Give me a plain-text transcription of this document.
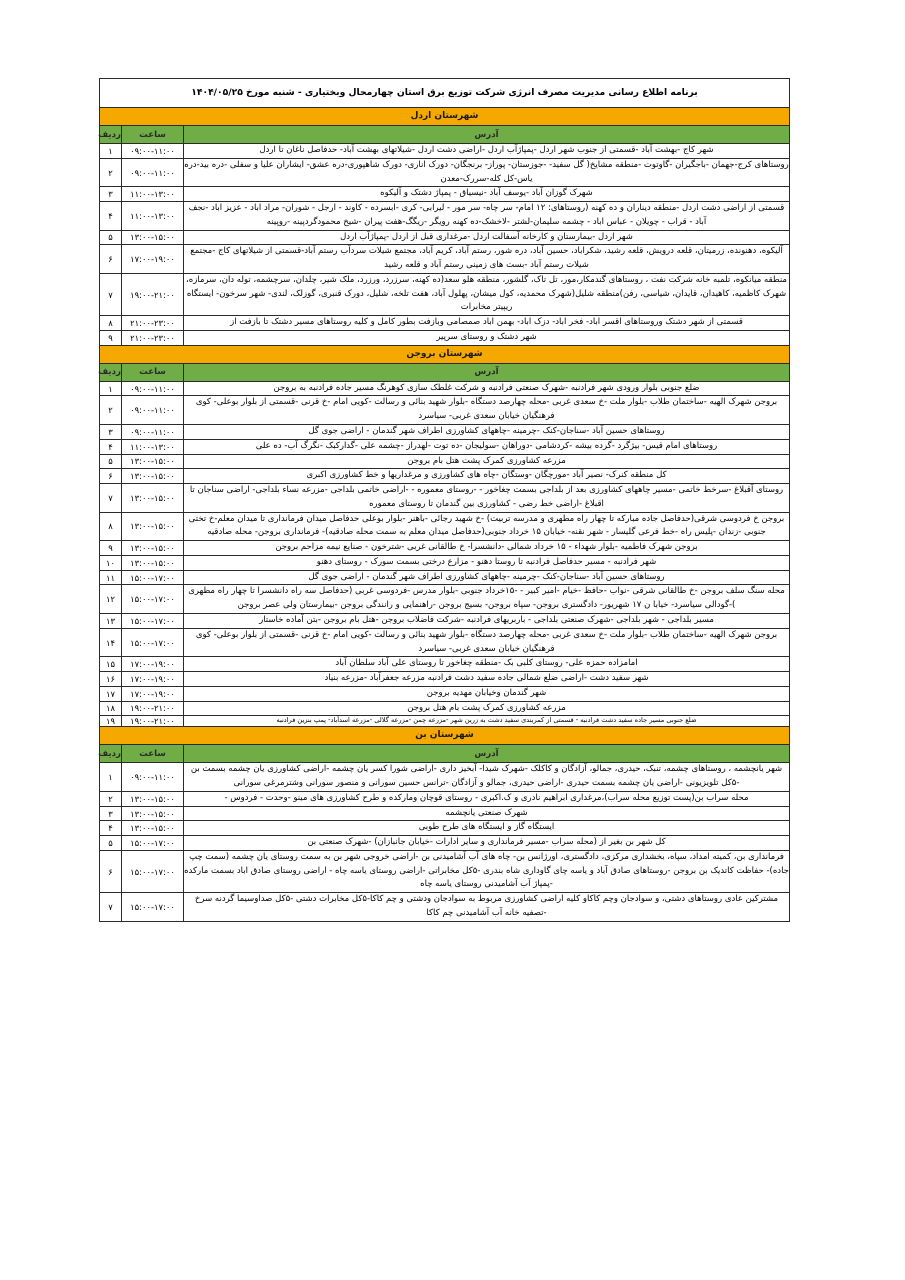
برنامه اطلاع رسانی مدیریت مصرف انرژی شرکت توزیع برق استان چهارمحال وبختیاری - شنبه مورخ ۱۴۰۴/۰۵/۲۵		
شهرستان اردل		
آدرس	ساعت	ردیف
شهر کاج -بهشت آباد -قسمتی از جنوب شهر اردل -پمپاژآب اردل -اراضی دشت اردل -شیلاتهای بهشت آباد- حدفاصل ناغان تا اردل	۰۹:۰۰-۱۱:۰۰	۱
روستاهای کرج-جهمان -باجگیران -گاوتوت -منطقه مشایخ( گل سفید- -جوزستان- پوراز- برنجگان- دورک اناری- دورک شاهپوری-دره عشق- ایشاران علیا و سفلی -دره بید-دره یاس-کل کله-سررک-معدن	۰۹:۰۰-۱۱:۰۰	۲
شهرک گوزان آباد -یوسف آباد -نیسیاق - پمپاژ دشتک و آلیکوه	۱۱:۰۰-۱۳:۰۰	۳
قسمتی از اراضی دشت اردل -منطقه دیناران و ده کهنه (روستاهای: ۱۲ امام- سر چاه- سر مور - لیرابی- کری -ابسرده - کاوند - ارجل - شوران- مراد اباد - عزیز اباد -نجف آباد - قراب - چویلان - عباس اباد - چشمه سلیمان-لشتر -لاخشک-ده کهنه رویگر -ریگگ-هفت پیران -شیخ محمودگردپینه -روپینه	۱۱:۰۰-۱۳:۰۰	۴
شهر اردل -بیمارستان و کارخانه آسفالت اردل -مرغداری قبل از اردل -پمپاژآب اردل	۱۳:۰۰-۱۵:۰۰	۵
آلیکوه، دهنونده، زرمیتان، قلعه درویش، قلعه رشید، شکراباد، حسین آباد، دره شور، رستم آباد، کریم آباد، مجتمع شیلات سردآب رستم آباد-قسمتی از شیلاتهای کاج -مجتمع شیلات رستم آباد -بست های زمینی رستم آباد و قلعه رشید	۱۷:۰۰-۱۹:۰۰	۶
منطقه میانکوه، تلمبه خانه شرکت نفت ، روستاهای گندمکار،مور، تل تاک، گلشور، منطقه هلو سعد(ده کهنه، سرزرد، ورزرد، ملک شیر، چلدان، سرچشمه، توله دان، سرمازه، شهرک کاظمیه، کاهیدان، قایدان، شیاسی، رفن)منطقه شلیل(شهرک محمدیه، کول میشان، پهلول آباد، هفت تلخه، شلیل، دورک قنبری، گوزلک، لندی- شهر سرخون- ایستگاه ریپیتر مخابرات	۱۹:۰۰-۲۱:۰۰	۷
قسمتی از شهر دشتک وروستاهای اقسر اباد- فخر اباد- دزک اباد- بهمن اباد صمصامی وبازفت بطور کامل و کلیه روستاهای مسیر دشتک تا بازفت از	۲۱:۰۰-۲۳:۰۰	۸
شهر دشتک و روستای سرپیر	۲۱:۰۰-۲۳:۰۰	۹
شهرستان بروجن		
آدرس	ساعت	ردیف
ضلع جنوبی بلوار ورودی شهر فرادنبه -شهرک صنعتی فرادنبه و شرکت غلطک سازی کوهرنگ مسیر جاده فرادنبه به بروجن	۰۹:۰۰-۱۱:۰۰	۱
بروجن شهرک الهیه -ساختمان طلاب -بلوار ملت -خ سعدی غربی -محله چهارصد دستگاه -بلوار شهید بنائی و رسالت -کویی امام -خ قرنی -قسمتی از بلوار بوعلی- کوی فرهنگیان خیابان سعدی غربی- سیاسرد	۰۹:۰۰-۱۱:۰۰	۲
روستاهای حسین آباد -سناجان-کنک -چرمینه -چاههای کشاورزی اطراف شهر گندمان - اراضی جوی گل	۰۹:۰۰-۱۱:۰۰	۳
روستاهای امام قیس- بیژگرد -گرده بیشه -کردشامی -دوراهان -سولیجان -ده توت -لهدراز -چشمه علی -گدارکبک -نگرگ آب- ده علی	۱۱:۰۰-۱۳:۰۰	۴
مزرعه کشاورزی کمرک پشت هتل بام بروجن	۱۳:۰۰-۱۵:۰۰	۵
کل منطقه کنرک- نصیر آباد -مورچگان -وستگان -چاه های کشاورزی و مرغداریها و خط کشاورزی اکبری	۱۳:۰۰-۱۵:۰۰	۶
روستای آقبلاغ -سرخط خاتمی -مسیر چاههای کشاورزی بعد از بلداجی بسمت چغاخور - -روستای معموره - -اراضی خاتمی بلداجی -مزرعه نساء بلداجی- اراضی سناجان تا اقبلاغ -اراضی خط رضی - کشاورزی بین گندمان تا روستای معموره	۱۳:۰۰-۱۵:۰۰	۷
بروجن خ فردوسی شرقی(حدفاصل جاده مبارکه تا چهار راه مطهری و مدرسه تربیت) -خ شهید رجائی -باهنر -بلوار بوعلی حدفاصل میدان فرمانداری تا میدان معلم-خ تختی جنوبی -زندان -پلیس راه -خط فرعی گلیسار - شهر نقنه- خیابان ۱۵ خرداد جنوبی(حدفاصل میدان معلم به سمت محله صادقیه)- فرمانداری بروجن- محله صادقیه	۱۳:۰۰-۱۵:۰۰	۸
بروجن شهرک فاطمیه -بلوار شهداء - ۱۵ خرداد شمالی -دانشسرا- خ طالقانی غربی -شترخون - صنایع نیمه مزاحم بروجن	۱۳:۰۰-۱۵:۰۰	۹
شهر فرادنبه - مسیر حدفاصل فرادنبه تا روستا دهنو - مزارع درختی بسمت سورک - روستای دهنو	۱۳:۰۰-۱۵:۰۰	۱۰
روستاهای حسین آباد -سناجان-کنک -چرمینه -چاههای کشاورزی اطراف شهر گندمان - اراضی جوی گل	۱۵:۰۰-۱۷:۰۰	۱۱
محله سنگ سلف بروجن -خ طالقانی شرقی -نواب -حافظ -خیام -امیر کبیر - -۱۵خرداد جنوبی -بلوار مدرس -فردوسی غربی (حدفاصل سه راه دانشسرا تا چهار راه مطهری )-گودالی سیاسرد- خیابا ن ۱۷ شهریور- دادگستری بروجن- سپاه بروجن- بسیج بروجن -راهنمایی و رانندگی بروجن -بیمارستان ولی عصر بروجن	۱۵:۰۰-۱۷:۰۰	۱۲
مسیر بلداجی - شهر بلداجی -شهرک صنعتی بلداجی - باربریهای فرادنبه -شرکت فاضلاب بروجن -هتل بام بروجن -بتن آماده خاستار	۱۵:۰۰-۱۷:۰۰	۱۳
بروجن شهرک الهیه -ساختمان طلاب -بلوار ملت -خ سعدی غربی -محله چهارصد دستگاه -بلوار شهید بنائی و رسالت -کویی امام -خ قرنی -قسمتی از بلوار بوعلی- کوی فرهنگیان خیابان سعدی غربی- سیاسرد	۱۵:۰۰-۱۷:۰۰	۱۴
امامزاده حمزه علی- روستای کلبی بک -منطقه چغاخور تا روستای علی آباد سلطان آباد	۱۷:۰۰-۱۹:۰۰	۱۵
شهر سفید دشت -اراضی ضلع شمالی جاده سفید دشت فرادنبه مزرعه جعفرآباد -مزرعه بنیاد	۱۷:۰۰-۱۹:۰۰	۱۶
شهر گندمان وخیابان مهدیه بروجن	۱۷:۰۰-۱۹:۰۰	۱۷
مزرعه کشاورزی کمرک پشت بام هتل بروجن	۱۹:۰۰-۲۱:۰۰	۱۸
ضلع جنوبی مسیر جاده سفید دشت فرادنبه - قسمتی از کمربندی سفید دشت به زرین شهر -مزرعه چمن -مزرعه گلالی -مزرعه اسدآباد- پمپ بنزین فرادنبه	۱۹:۰۰-۲۱:۰۰	۱۹
شهرستان بن		
آدرس	ساعت	ردیف
شهر یانچشمه ، روستاهای چشمه، تنبک، حیدری، جمالو، آزادگان و کاکلک -شهرک شیدا- آبخیز داری -اراضی شورا کسر یان چشمه -اراضی کشاورزی یان چشمه بسمت بن -۵کل تلویزیونی -اراضی یان چشمه بسمت حیدری -اراضی حیدری، جمالو و آزادگان -ترانس حسین سورانی و منصور سورانی وشترمرغی سورانی	۰۹:۰۰-۱۱:۰۰	۱
محله سراب بن(پست توزیع محله سراب)،مرغداری ابراهیم نادری و ک.اکبری - روستای قوچان ومارکده و طرح کشاورزی های مینو -وحدت - فردوس -	۱۳:۰۰-۱۵:۰۰	۲
شهرک صنعتی یانچشمه	۱۳:۰۰-۱۵:۰۰	۳
ایستگاه گاز و ایستگاه های طرح طوبی	۱۳:۰۰-۱۵:۰۰	۴
کل شهر بن بغیر از (محله سراب -مسیر فرمانداری و سایر ادارات -خیابان جانبازان) -شهرک صنعتی بن	۱۵:۰۰-۱۷:۰۰	۵
فرمانداری بن، کمیته امداد، سپاه، بخشداری مرکزی، دادگستری، اورژانس بن- چاه های آب آشامیدنی بن -اراضی خروجی شهر بن به سمت روستای یان چشمه (سمت چپ جاده)- حفاظت کاتدیک بن بروجن -روستاهای صادق آباد و یاسه چای گاوداری شاه بندری -۵کل مخابراتی -اراضی روستای یاسه چاه - اراضی روستای صادق اباد بسمت مارکده -پمپاژ آب آشامیدنی روستای یاسه چاه	۱۵:۰۰-۱۷:۰۰	۶
مشترکین عادی روستاهای دشتی، و سوادجان وچم کاکاو کلیه اراضی کشاورزی مربوط به سوادجان ودشتی و چم کاکا-۵کل مخابرات دشتی -۵کل صداوسیما گردنه سرخ -تصفیه خانه آب آشامیدنی چم کاکا	۱۵:۰۰-۱۷:۰۰	۷
